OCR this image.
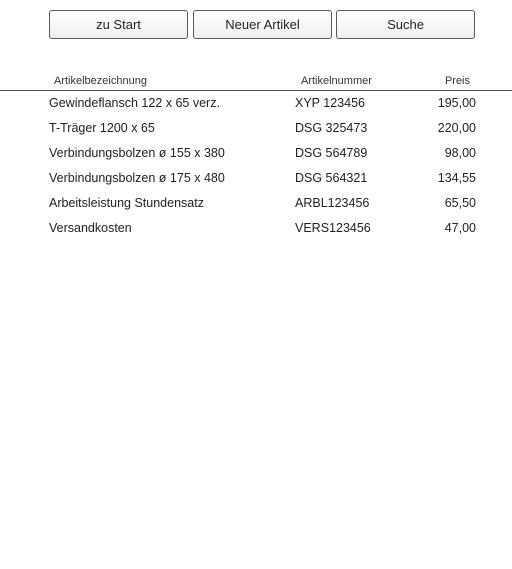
zu Start	Neuer Artikel	Suche
Artikelbezeichnung	Artikelnummer	Preis
Gewindeflansch 122 x 65 verz.	XYP 123456	195,00
T-Träger 1200 x 65	DSG 325473	220,00
Verbindungsbolzen ø 155 x 380	DSG 564789	98,00
Verbindungsbolzen ø 175 x 480	DSG 564321	134,55
Arbeitsleistung Stundensatz	ARBL123456	65,50
Versandkosten	VERS123456	47,00
